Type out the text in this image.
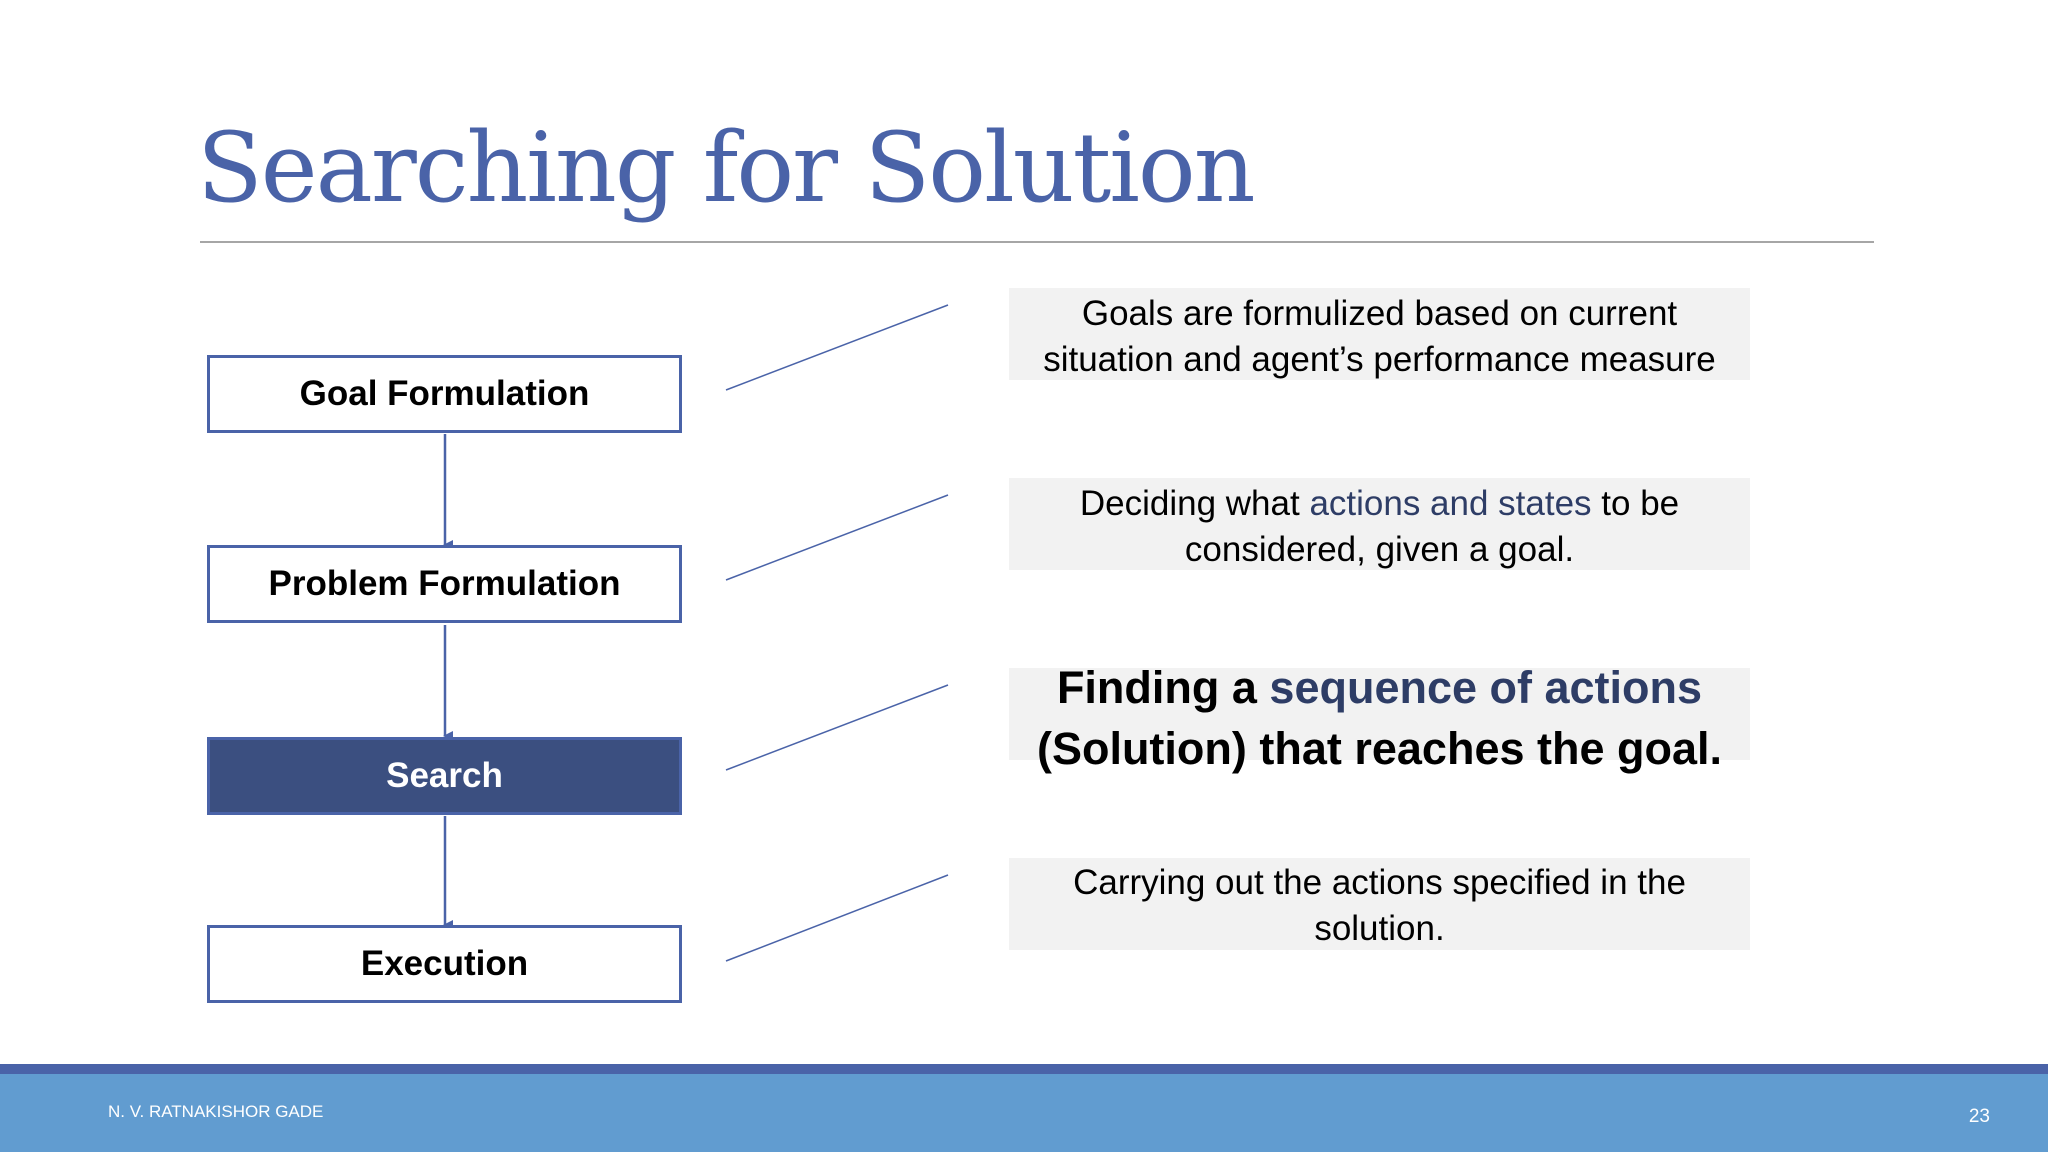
Searching for Solution
Goal Formulation
Problem Formulation
Search
Execution
Goals are formulized based on current
situation and agent’s performance measure
Deciding what actions and states to be
considered, given a goal.
Finding a sequence of actions
(Solution) that reaches the goal.
Carrying out the actions specified in the
solution.
N. V. RATNAKISHOR GADE	23
